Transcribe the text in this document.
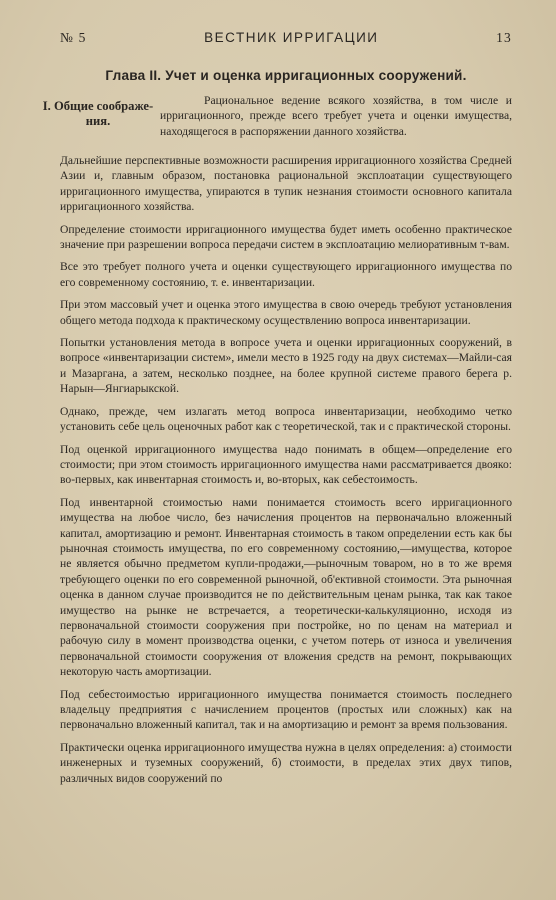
№ 5	ВЕСТНИК ИРРИГАЦИИ	13
Глава II. Учет и оценка ирригационных сооружений.
I. Общие соображе-ния.

Рациональное ведение всякого хозяйства, в том числе и ирригационного, прежде всего требует учета и оценки имущества, находящегося в распоряжении данного хозяйства.

Дальнейшие перспективные возможности расширения ирригационного хозяйства Средней Азии и, главным образом, постановка рациональной эксплоатации существующего ирригационного имущества, упираются в тупик незнания стоимости основного капитала ирригационного хозяйства.

Определение стоимости ирригационного имущества будет иметь особенно практическое значение при разрешении вопроса передачи систем в эксплоатацию мелиоративным т-вам.

Все это требует полного учета и оценки существующего ирригационного имущества по его современному состоянию, т. е. инвентаризации.

При этом массовый учет и оценка этого имущества в свою очередь требуют установления общего метода подхода к практическому осуществлению вопроса инвентаризации.

Попытки установления метода в вопросе учета и оценки ирригационных сооружений, в вопросе «инвентаризации систем», имели место в 1925 году на двух системах—Майли-сая и Мазаргана, а затем, несколько позднее, на более крупной системе правого берега р. Нарын—Янгиарыкской.

Однако, прежде, чем излагать метод вопроса инвентаризации, необходимо четко установить себе цель оценочных работ как с теоретической, так и с практической стороны.

Под оценкой ирригационного имущества надо понимать в общем—определение его стоимости; при этом стоимость ирригационного имущества нами рассматривается двояко: во-первых, как инвентарная стоимость и, во-вторых, как себестоимость.

Под инвентарной стоимостью нами понимается стоимость всего ирригационного имущества на любое число, без начисления процентов на первоначально вложенный капитал, амортизацию и ремонт. Инвентарная стоимость в таком определении есть как бы рыночная стоимость имущества, по его современному состоянию,—имущества, которое не является обычно предметом купли-продажи,—рыночным товаром, но в то же время требующего оценки по его современной рыночной, об'ективной стоимости. Эта рыночная оценка в данном случае производится не по действительным ценам рынка, так как такое имущество на рынке не встречается, а теоретически-калькуляционно, исходя из первоначальной стоимости сооружения при постройке, но по ценам на материал и рабочую силу в момент производства оценки, с учетом потерь от износа и увеличения первоначальной стоимости сооружения от вложения средств на ремонт, покрывающих некоторую часть амортизации.

Под себестоимостью ирригационного имущества понимается стоимость последнего владельцу предприятия с начислением процентов (простых или сложных) как на первоначально вложенный капитал, так и на амортизацию и ремонт за время пользования.

Практически оценка ирригационного имущества нужна в целях определения: а) стоимости инженерных и туземных сооружений, б) стоимости, в пределах этих двух типов, различных видов сооружений по
